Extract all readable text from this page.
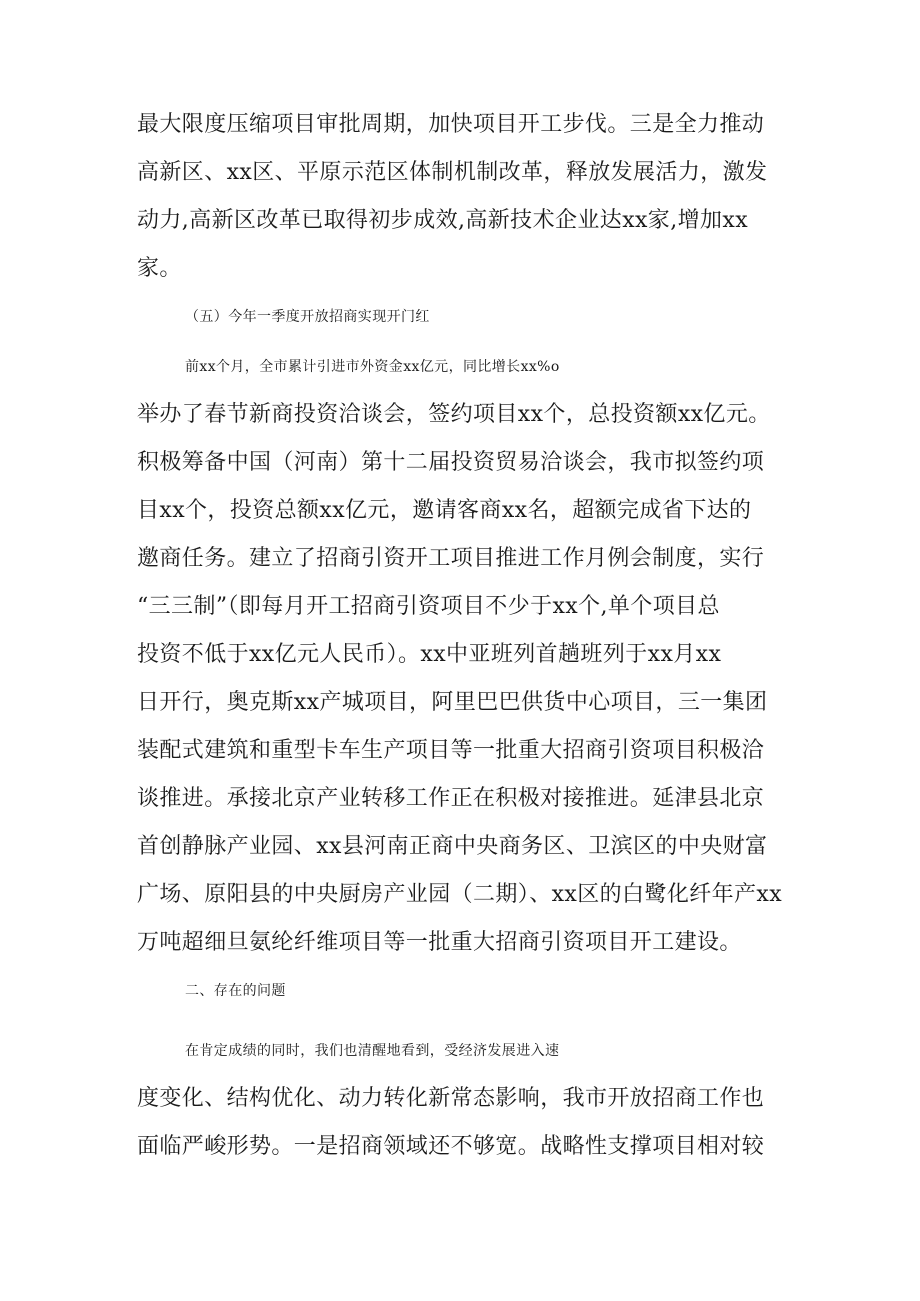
最大限度压缩项目审批周期，加快项目开工步伐。三是全力推动
高新区、xx区、平原示范区体制机制改革，释放发展活力，激发
动力,高新区改革已取得初步成效,高新技术企业达xx家,增加xx
家。
（五）今年一季度开放招商实现开门红
前xx个月，全市累计引进市外资金xx亿元，同比增长xx%o
举办了春节新商投资洽谈会，签约项目xx个，总投资额xx亿元。
积极筹备中国（河南）第十二届投资贸易洽谈会，我市拟签约项
目xx个，投资总额xx亿元，邀请客商xx名，超额完成省下达的
邀商任务。建立了招商引资开工项目推进工作月例会制度，实行
“三三制”（即每月开工招商引资项目不少于xx个,单个项目总
投资不低于xx亿元人民币）。xx中亚班列首趟班列于xx月xx
日开行，奥克斯xx产城项目，阿里巴巴供货中心项目，三一集团
装配式建筑和重型卡车生产项目等一批重大招商引资项目积极洽
谈推进。承接北京产业转移工作正在积极对接推进。延津县北京
首创静脉产业园、xx县河南正商中央商务区、卫滨区的中央财富
广场、原阳县的中央厨房产业园（二期）、xx区的白鹭化纤年产xx
万吨超细旦氨纶纤维项目等一批重大招商引资项目开工建设。
二、存在的问题
在肯定成绩的同时，我们也清醒地看到，受经济发展进入速
度变化、结构优化、动力转化新常态影响，我市开放招商工作也
面临严峻形势。一是招商领域还不够宽。战略性支撑项目相对较
